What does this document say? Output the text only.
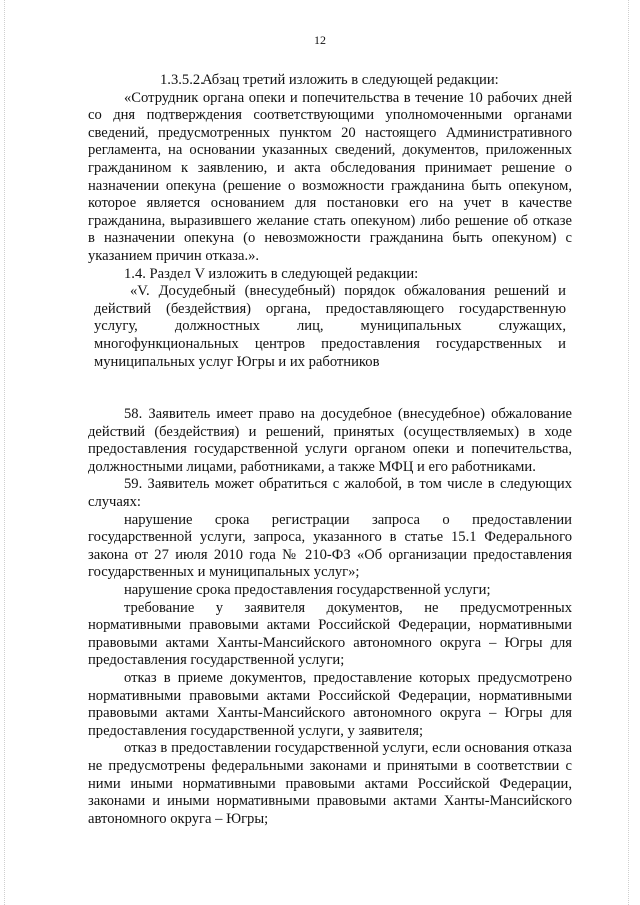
12

1.3.5.2.Абзац третий изложить в следующей редакции:

«Сотрудник органа опеки и попечительства в течение 10 рабочих дней со дня подтверждения соответствующими уполномоченными органами сведений, предусмотренных пунктом 20 настоящего Административного регламента, на основании указанных сведений, документов, приложенных гражданином к заявлению, и акта обследования принимает решение о назначении опекуна (решение о возможности гражданина быть опекуном, которое является основанием для постановки его на учет в качестве гражданина, выразившего желание стать опекуном) либо решение об отказе в назначении опекуна (о невозможности гражданина быть опекуном) с указанием причин отказа.».

1.4. Раздел V изложить в следующей редакции:

«V. Досудебный (внесудебный) порядок обжалования решений и действий (бездействия) органа, предоставляющего государственную услугу, должностных лиц, муниципальных служащих, многофункциональных центров предоставления государственных и муниципальных услуг Югры и их работников

58. Заявитель имеет право на досудебное (внесудебное) обжалование действий (бездействия) и решений, принятых (осуществляемых) в ходе предоставления государственной услуги органом опеки и попечительства, должностными лицами, работниками, а также МФЦ и его работниками.

59. Заявитель может обратиться с жалобой, в том числе в следующих случаях:

нарушение срока регистрации запроса о предоставлении государственной услуги, запроса, указанного в статье 15.1 Федерального закона от 27 июля 2010 года № 210-ФЗ «Об организации предоставления государственных и муниципальных услуг»;

нарушение срока предоставления государственной услуги;

требование у заявителя документов, не предусмотренных нормативными правовыми актами Российской Федерации, нормативными правовыми актами Ханты-Мансийского автономного округа – Югры для предоставления государственной услуги;

отказ в приеме документов, предоставление которых предусмотрено нормативными правовыми актами Российской Федерации, нормативными правовыми актами Ханты-Мансийского автономного округа – Югры для предоставления государственной услуги, у заявителя;

отказ в предоставлении государственной услуги, если основания отказа не предусмотрены федеральными законами и принятыми в соответствии с ними иными нормативными правовыми актами Российской Федерации, законами и иными нормативными правовыми актами Ханты-Мансийского автономного округа – Югры;
